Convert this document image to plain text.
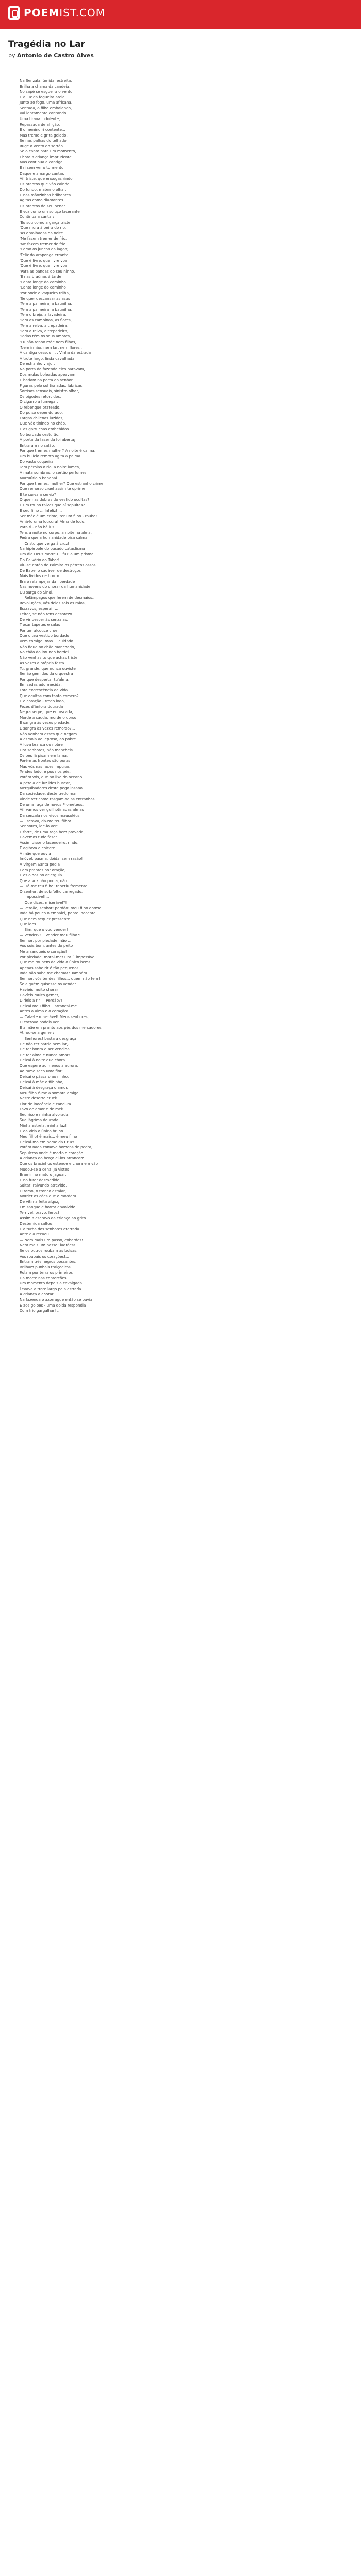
POEMIST.COM
Tragédia no Lar

by Antonio de Castro Alves

Na Senzala, úmida, estreita,
Brilha a chama da candeia,
No sapé se esgueira o vento.
E a luz da fogueira ateia.
Junto ao fogo, uma africana,
Sentada, o filho embalando,
Vai lentamente cantando
Uma tirana indolente,
Repassada de aflição.
E o menino ri contente...
Mas treme e grita gelado,
Se nas palhas do telhado
Ruge o vento do sertão.
Se o canto para um momento,
Chora a criança imprudente ...
Mas continua a cantiga ...
E ri sem ver o tormento
Daquele amargo cantar.
Ai! triste, que enxugas rindo
Os prantos que vão caindo
Do fundo, materno olhar,
E nas mãozinhas brilhantes
Agitas como diamantes
Os prantos do seu penar ...
E voz como um soluço lacerante
Continua a cantar:
'Eu sou como a garça triste
'Que mora à beira do rio,
'As orvalhadas da noite
'Me fazem tremer de frio.
'Me fazem tremer de frio
'Como os juncos da lagoa;
'Feliz da araponga errante
'Que é livre, que livre voa.
'Que é livre, que livre voa
'Para as bandas do seu ninho,
'E nas braúnas à tarde
'Canta longe do caminho.
'Canta longe do caminho
'Por onde o vaqueiro trilha,
'Se quer descansar as asas
'Tem a palmeira, a baunilha.
'Tem a palmeira, a baunilha,
'Tem o brejo, a lavadeira,
'Tem as campinas, as flores,
'Tem a relva, a trepadeira,
'Tem a relva, a trepadeira,
'Todas têm os seus amores,
'Eu não tenho mãe nem filhos,
'Nem irmão, nem lar, nem flores'.
A cantiga cessou . . . Vinha da estrada
A trote largo, linda cavalhada
De estranho viajor,
Na porta da fazenda eles paravam,
Dos mulas boleadas apeavam
E batiam na porta do senhor.
Figuras pelo sol tisnadas, lúbricas,
Sorrisos sensuais, sinistro olhar,
Os bigodes retorcidos,
O cigarro a fumegar,
O rebenque prateado,
Do pulso dependurado,
Largas chilenas luzidas,
Que vão tinindo no chão,
E as garruchas embebidas
No bordado cesturão.
A porta da fazenda foi aberta;
Entraram no salão.
Por que tremes mulher? A noite é calma,
Um bulício remoto agita a palma
Do vasto coqueiral.
Tem pérolas o rio, a noite lumes,
A mata sombras, o sertão perfumes,
Murmúrio o bananal.
Por que tremes, mulher? Que estranho crime,
Que remorso cruel assim te oprime
E te curva a cerviz?
O que nas dobras do vestido ocultas?
É um roubo talvez que aí sepultas?
É seu filho ... Infeliz! ...
Ser mãe é um crime, ter um filho - roubo!
Amá-lo uma loucura! Alma de lodo,
Para ti - não há luz.
Tens a noite no corpo, a noite na alma,
Pedra que a humanidade pisa calma,
— Cristo que verga à cruz!
Na hipérbole do ousado cataclisma
Um dia Deus morreu... fuzila um prisma
Do Calvário ao Tabor!
Viu-se então de Palmira os pétreos ossos,
De Babel o cadáver de destroços
Mais lívidos de horror.
Era o relampejar da liberdade
Nas nuvens do chorar da humanidade,
Ou sarça do Sinai,
— Relâmpagos que ferem de desmaios...
Revoluções, vós deles sois os raios,
Escravos, esperai! ...
Leitor, se não tens desprezo
De vir descer às senzalas,
Trocar tapetes e salas
Por um alcouce cruel,
Que o teu vestido bordado
Vem comigo, mas ... cuidado ...
Não fique no chão manchado,
No chão do imundo bordel.
Não venhas tu que achas triste
Às vezes a própria festa.
Tu, grande, que nunca ouviste
Senão gemidos da orquestra
Por que despertar tu'alma,
Em sedas adormecida,
Esta excrescência da vida
Que ocultas com tanto esmero?
E o coração - tredo lodo,
Fezes d'ânfora dourada
Negra serpe, que enroscada,
Morde a cauda, morde o dorso
E sangra às vezes piedade,
E sangra às vezes remorso?...
Não venham esses que negam
A esmola ao leproso, ao pobre.
A luva branca do nobre
Oh! senhores, não mancheis...
Os pés lá pisam em lama,
Porém as frontes são puras
Mas vós nas faces impuras
Tendes lodo, e pus nos pés.
Porém vós, que no lixo do oceano
A pérola de luz ides buscar,
Mergulhadores deste pego insano
Da sociedade, deste tredo mar.
Vinde ver como rasgam-se as entranhas
De uma raça de novos Prometeus,
Ai! vamos ver guilhotinadas almas
Da senzala nos vivos mausoléus.
— Escrava, dá-me teu filho!
Senhores, ide-lo ver:
É forte, de uma raça bem provada,
Havemos tudo fazer.
Assim disse o fazendeiro, rindo,
E agitava o chicote...
A mãe que ouvia
Imóvel, pasma, doida, sem razão!
À Virgem Santa pedia
Com prantos por oração;
E os olhos no ar erguia
Que a voz não podia, não.
— Dá-me teu filho! repetiu fremente
O senhor, de sobr'olho carregado.
— Impossível!...
— Que dizes, miserável?!
— Perdão, senhor! perdão! meu filho dorme...
Inda há pouco o embalei, pobre inocente,
Que nem sequer pressente
Que ides...
— Sim, que o vou vender!
— Vender?!... Vender meu filho?!
Senhor, por piedade, não ...
Vós sois bom, antes do peito
Me arranqueis o coração!
Por piedade, matai-me! Oh! É impossível
Que me roubem da vida o único bem!
Apenas sabe rir é tão pequeno!
Inda não sabe me chamar? Também
Senhor, vós tendes filhos... quem não tem?
Se alguém quisesse os vender
Havíeis muito chorar
Havíeis muito gemer,
Diríeis a rir — Perdão?!
Deixai meu filho... arrancai-me
Antes a alma e o coração!
— Cala-te miserável! Meus senhores,
O escravo podeis ver ...
E a mãe em pranto aos pés dos mercadores
Atirou-se a gemer:
— Senhores! basta a desgraça
De não ter pátria nem lar,-
De ter honra e ser vendida
De ter alma e nunca amar!
Deixai à noite que chora
Que espere ao menos a aurora,
Ao ramo seco uma flor;
Deixai o pássaro ao ninho,
Deixai à mãe o filhinho,
Deixai à desgraça o amor.
Meu filho é-me a sombra amiga
Neste deserto cruel!...
Flor de inocência e candura.
Favo de amor e de mel!
Seu riso é minha alvorada,
Sua lágrima dourada
Minha estrela, minha luz!
É da vida o único brilho
Meu filho! é mais... é meu filho
Deixai-mo em nome da Cruz!...
Porém nada comove homens de pedra,
Sepulcros onde é morto o coração.
A criança do berço ei-los arrancam
Que os bracinhos estende e chora em vão!
Mudou-se a cena. Já vistes
Bramir no mato o jaguar,
E no furor desmedido
Saltar, raivando atrevido,
O ramo, o tronco estalar,
Morder os cães que o mordem...
De vítima feita algoz,
Em sangue e horror envolvido
Terrível, bravo, feroz?
Assim a escrava da criança ao grito
Destemida saltou,
E a turba dos senhores aterrada
Ante ela recuou.
— Nem mais um passo, cobardes!
Nem mais um passo! ladrões!
Se os outros roubam as bolsas,
Vós roubais os corações!...
Entram três negros possantes,
Brilham punhais traiçoeiros...
Rolam por terra os primeiros
Da morte nas contorções.
Um momento depois a cavalgada
Levava a trote largo pela estrada
A criança a chorar.
Na fazenda o azorrague então se ouvia
E aos golpes - uma doida respondia
Com frio gargalhar! ...
